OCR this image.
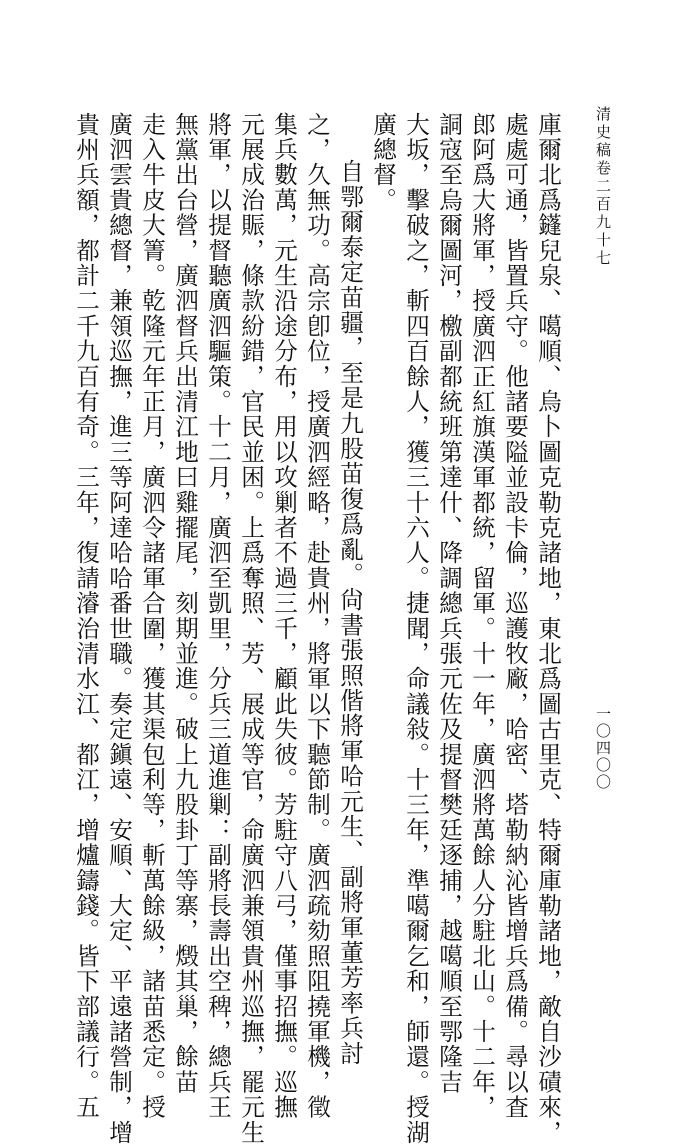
清史稿卷二百九十七
一〇四〇〇
庫爾北爲鑝兒泉、噶順、烏卜圖克勒克諸地，東北爲圖古里克、特爾庫勒諸地，敵自沙磧來，
處處可通，皆置兵守。他諸要隘並設卡倫，巡護牧廠，哈密、塔勒納沁皆增兵爲備。尋以査
郎阿爲大將軍，授廣泗正紅旗漢軍都統，留軍。十一年，廣泗將萬餘人分駐北山。十二年，
詷寇至烏爾圖河，檄副都統班第達什、降調總兵張元佐及提督樊廷逐捕，越噶順至鄂隆吉
大坂，擊破之，斬四百餘人，獲三十六人。捷聞，命議敍。十三年，準噶爾乞和，師還。授湖
廣總督。
自鄂爾泰定苗疆，至是九股苗復爲亂。尙書張照偕將軍哈元生、副將軍董芳率兵討
之，久無功。高宗卽位，授廣泗經略，赴貴州，將軍以下聽節制。廣泗疏劾照阻撓軍機，徵
集兵數萬，元生沿途分布，用以攻剿者不過三千，顧此失彼。芳駐守八弓，僅事招撫。巡撫
元展成治賑，條款紛錯，官民並困。上爲奪照、芳、展成等官，命廣泗兼領貴州巡撫，罷元生
將軍，以提督聽廣泗驅策。十二月，廣泗至凱里，分兵三道進剿：副將長壽出空稗，總兵王
無黨出台營，廣泗督兵出清江地曰雞擺尾，刻期並進。破上九股卦丁等寨，燬其巢，餘苗
走入牛皮大箐。乾隆元年正月，廣泗令諸軍合圍，獲其渠包利等，斬萬餘級，諸苗悉定。授
廣泗雲貴總督，兼領巡撫，進三等阿達哈哈番世職。奏定鎭遠、安順、大定、平遠諸營制，增
貴州兵額，都計二千九百有奇。三年，復請濬治清水江、都江，增爐鑄錢。皆下部議行。五
